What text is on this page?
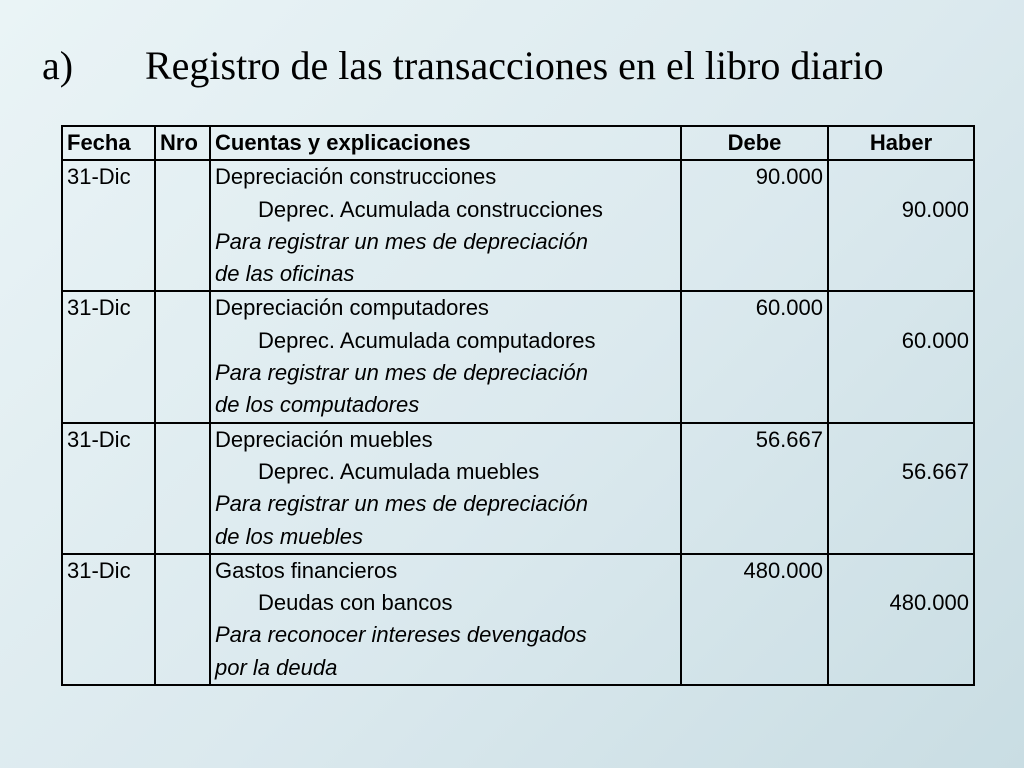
a) Registro de las transacciones en el libro diario
Fecha	Nro	Cuentas y explicaciones	Debe	Haber
31-Dic		Depreciación construcciones
Deprec. Acumulada construcciones
Para registrar un mes de depreciación
de las oficinas	90.000	90.000

31-Dic		Depreciación computadores
Deprec. Acumulada computadores
Para registrar un mes de depreciación
de los computadores	60.000	60.000

31-Dic		Depreciación muebles
Deprec. Acumulada muebles
Para registrar un mes de depreciación
de los muebles	56.667	56.667

31-Dic		Gastos financieros
Deudas con bancos
Para reconocer intereses devengados
por la deuda	480.000	480.000
